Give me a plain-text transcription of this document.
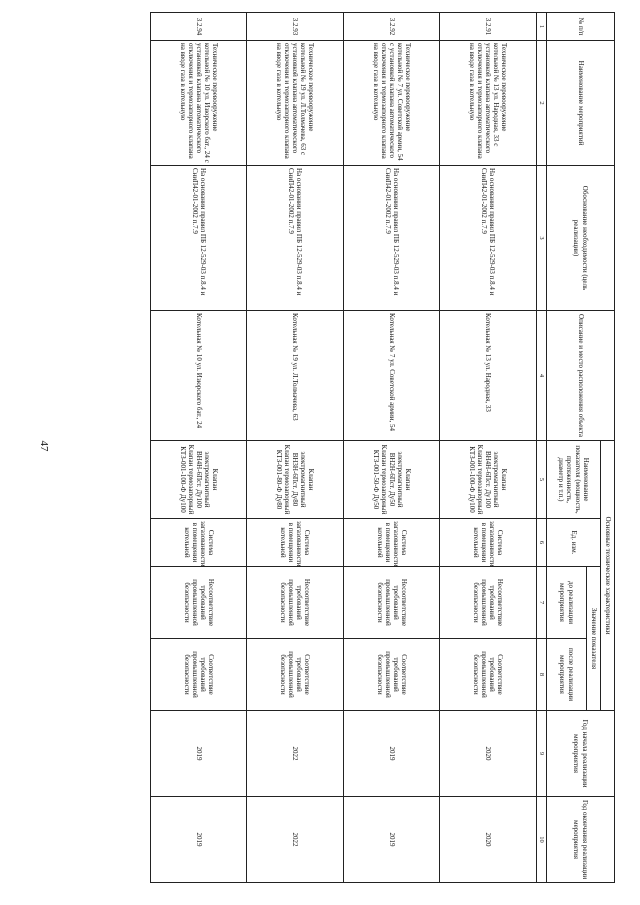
47
№ п/п	Наименование мероприятий	Обоснование необходимости (цель реализации)	Описание и место расположения объекта	Основные технические характеристики				Год начала реализации мероприятия	Год окончания реализации мероприятия
				Наименование показателя (мощность, протяженность, диаметр и т.п.)	Ед. изм.	Значение показателя			
						до реализации мероприятия	после реализации мероприятия		
1	2	3	4	5	6	7	8	9	10
3.2.91	Техническое перевооружение котельной № 13 ул. Народная, 33 с установкой клапана автоматического отключения и термозапорного клапана на вводе газа в котельную	На основании правил ПБ 12-529-03 п.8.4 и СниП42-01-2002 п.7.9	Котельная № 13 ул. Народная, 33	Клапан электромагнитный ВН4Н-6Пст. Ду100 Клапан термозапорный КТЗ-001-100-Ф Ду100	Система загазованности в помещении котельной	Несоответствие требований промышленной безопасности	Соответствие требований промышленной безопасности	2020	2020
3.2.92	Техническое перевооружение котельной № 7 ул. Советской армии, 54 с установкой клапана автоматического отключения и термозапорного клапана на вводе газа в котельную	На основании правил ПБ 12-529-03 п.8.4 и СниП42-01-2002 п.7.9	Котельная № 7 ул. Советской армии, 54	Клапан электромагнитный ВН2Н-6Пст. Ду50 Клапан термозапорный КТЗ-001-50-Ф Ду50	Система загазованности в помещении котельной	Несоответствие требований промышленной безопасности	Соответствие требований промышленной безопасности	2019	2019
3.2.93	Техническое перевооружение котельной № 19 ул. Л.Толмачева, 63 с установкой клапана автоматического отключения и термозапорного клапана на вводе газа в котельную	На основании правил ПБ 12-529-03 п.8.4 и СниП42-01-2002 п.7.9	Котельная № 19 ул. Л.Толмачева, 63	Клапан электромагнитный ВН3Н-6Пст. Ду80 Клапан термозапорный КТЗ-001-80-Ф Ду80	Система загазованности в помещении котельной	Несоответствие требований промышленной безопасности	Соответствие требований промышленной безопасности	2022	2022
3.2.94	Техническое перевооружение котельной № 10 ул. Изюрского бат., 24 с установкой клапана автоматического отключения и термозапорного клапана на вводе газа в котельную	На основании правил ПБ 12-529-03 п.8.4 и СниП42-01-2002 п.7.9	Котельная № 10 ул. Изюрского бат., 24	Клапан электромагнитный ВН4Н-6Пст. Ду100 Клапан термозапорный КТЗ-001-100-Ф Ду100	Система загазованности в помещении котельной	Несоответствие требований промышленной безопасности	Соответствие требований промышленной безопасности	2019	2019
